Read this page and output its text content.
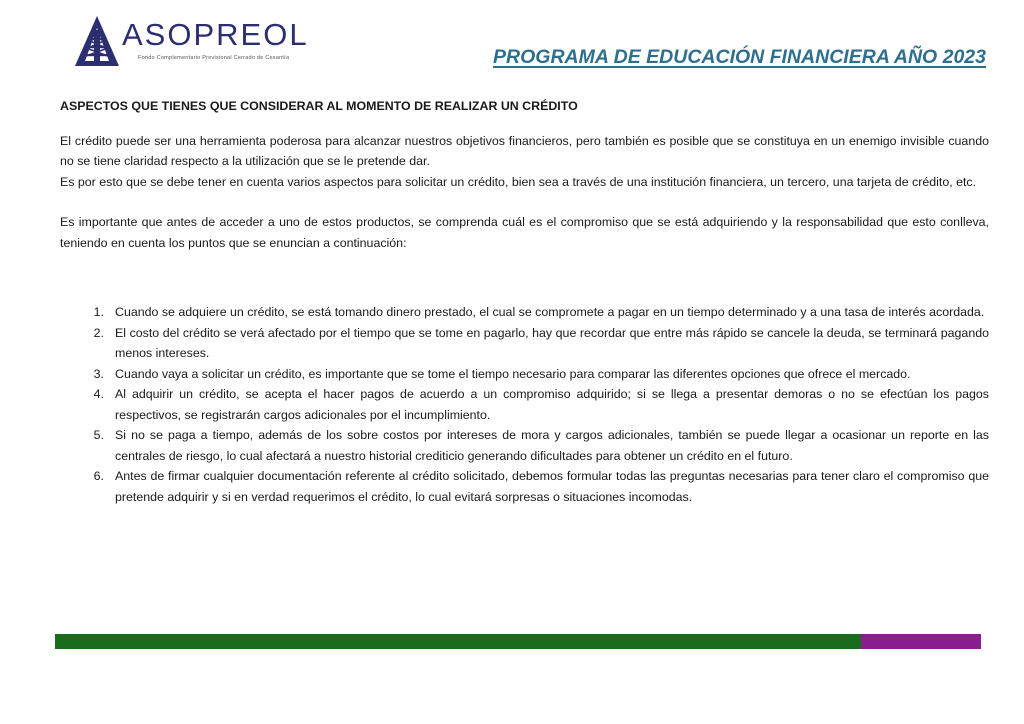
ASOPREOL
Fondo Complementario Previsional Cerrado de Cesantía	PROGRAMA DE EDUCACIÓN FINANCIERA AÑO 2023

ASPECTOS QUE TIENES QUE CONSIDERAR AL MOMENTO DE REALIZAR UN CRÉDITO

El crédito puede ser una herramienta poderosa para alcanzar nuestros objetivos financieros, pero también es posible que se constituya en un enemigo invisible cuando no se tiene claridad respecto a la utilización que se le pretende dar.

Es por esto que se debe tener en cuenta varios aspectos para solicitar un crédito, bien sea a través de una institución financiera, un tercero, una tarjeta de crédito, etc.

Es importante que antes de acceder a uno de estos productos, se comprenda cuál es el compromiso que se está adquiriendo y la responsabilidad que esto conlleva, teniendo en cuenta los puntos que se enuncian a continuación:

1. Cuando se adquiere un crédito, se está tomando dinero prestado, el cual se compromete a pagar en un tiempo determinado y a una tasa de interés acordada.
2. El costo del crédito se verá afectado por el tiempo que se tome en pagarlo, hay que recordar que entre más rápido se cancele la deuda, se terminará pagando menos intereses.
3. Cuando vaya a solicitar un crédito, es importante que se tome el tiempo necesario para comparar las diferentes opciones que ofrece el mercado.
4. Al adquirir un crédito, se acepta el hacer pagos de acuerdo a un compromiso adquirido; si se llega a presentar demoras o no se efectúan los pagos respectivos, se registrarán cargos adicionales por el incumplimiento.
5. Si no se paga a tiempo, además de los sobre costos por intereses de mora y cargos adicionales, también se puede llegar a ocasionar un reporte en las centrales de riesgo, lo cual afectará a nuestro historial crediticio generando dificultades para obtener un crédito en el futuro.
6. Antes de firmar cualquier documentación referente al crédito solicitado, debemos formular todas las preguntas necesarias para tener claro el compromiso que pretende adquirir y si en verdad requerimos el crédito, lo cual evitará sorpresas o situaciones incomodas.
